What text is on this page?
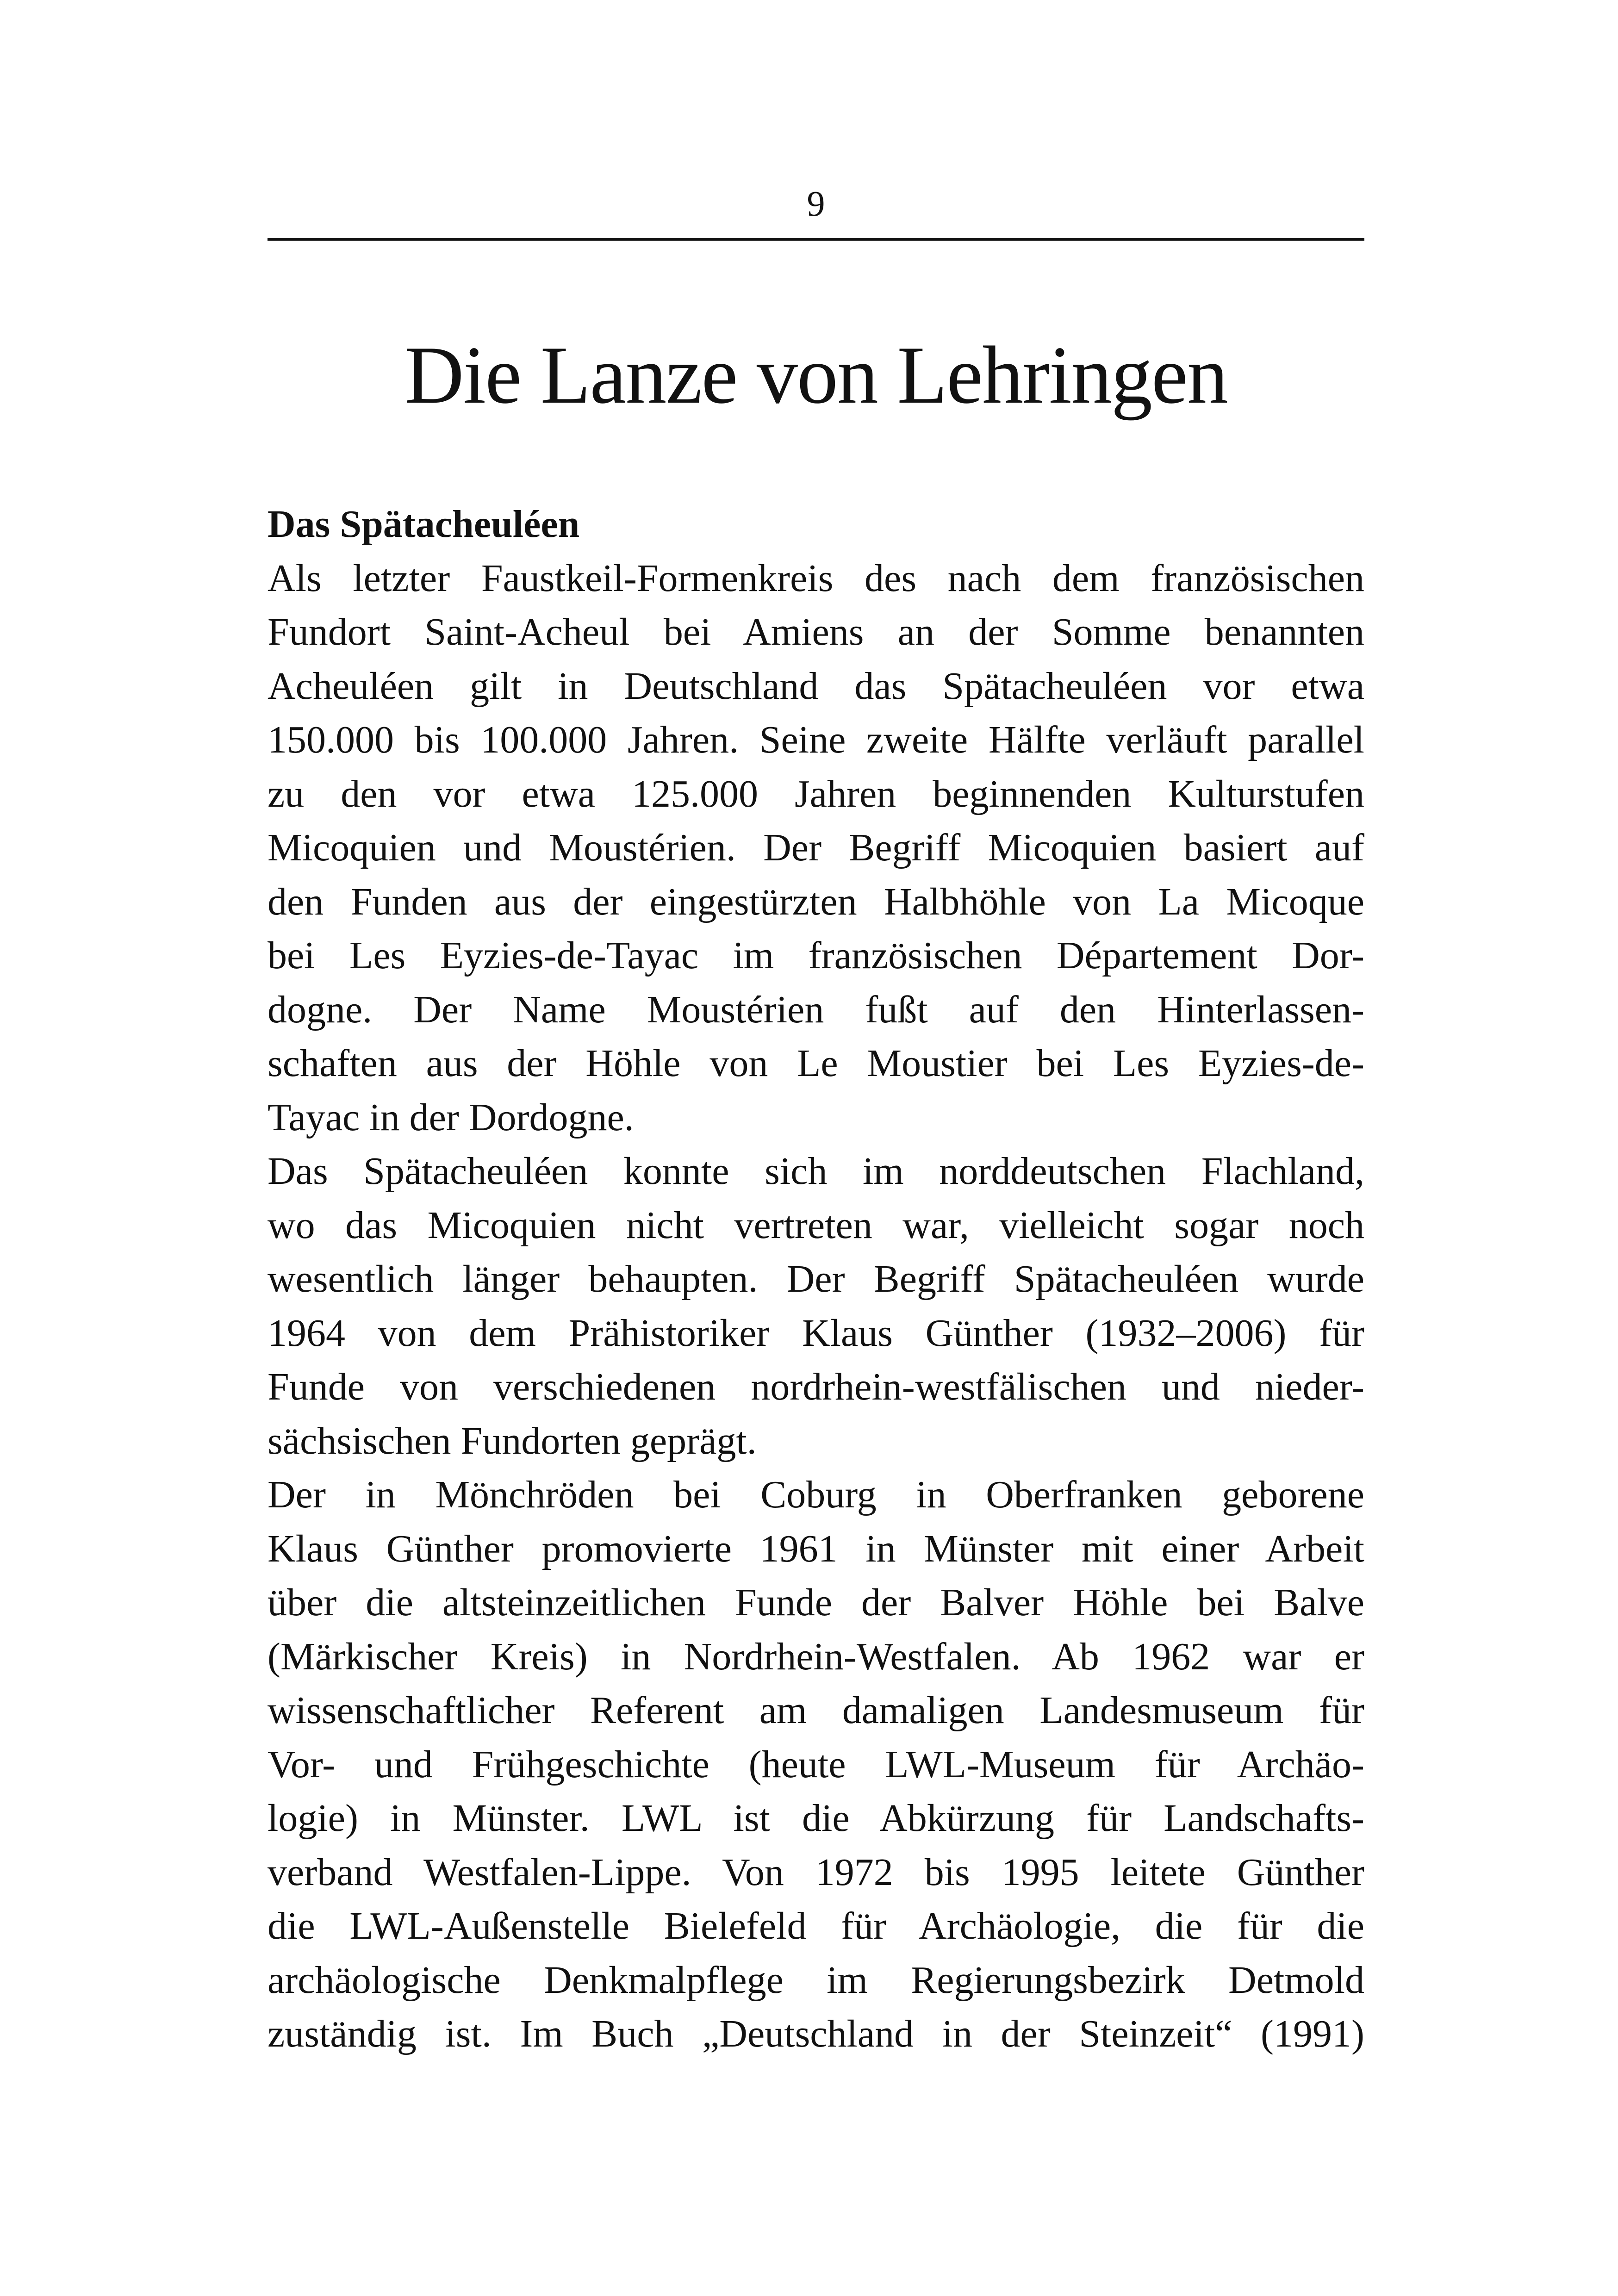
9
Die Lanze von Lehringen
Das Spätacheuléen
Als letzter Faustkeil-Formenkreis des nach dem französischen
Fundort Saint-Acheul bei Amiens an der Somme benannten
Acheuléen gilt in Deutschland das Spätacheuléen vor etwa
150.000 bis 100.000 Jahren. Seine zweite Hälfte verläuft parallel
zu den vor etwa 125.000 Jahren beginnenden Kulturstufen
Micoquien und Moustérien. Der Begriff Micoquien basiert auf
den Funden aus der eingestürzten Halbhöhle von La Micoque
bei Les Eyzies-de-Tayac im französischen Département Dor-
dogne. Der Name Moustérien fußt auf den Hinterlassen-
schaften aus der Höhle von Le Moustier bei Les Eyzies-de-
Tayac in der Dordogne.
Das Spätacheuléen konnte sich im norddeutschen Flachland,
wo das Micoquien nicht vertreten war, vielleicht sogar noch
wesentlich länger behaupten. Der Begriff Spätacheuléen wurde
1964 von dem Prähistoriker Klaus Günther (1932–2006) für
Funde von verschiedenen nordrhein-westfälischen und nieder-
sächsischen Fundorten geprägt.
Der in Mönchröden bei Coburg in Oberfranken geborene
Klaus Günther promovierte 1961 in Münster mit einer Arbeit
über die altsteinzeitlichen Funde der Balver Höhle bei Balve
(Märkischer Kreis) in Nordrhein-Westfalen. Ab 1962 war er
wissenschaftlicher Referent am damaligen Landesmuseum für
Vor- und Frühgeschichte (heute LWL-Museum für Archäo-
logie) in Münster. LWL ist die Abkürzung für Landschafts-
verband Westfalen-Lippe. Von 1972 bis 1995 leitete Günther
die LWL-Außenstelle Bielefeld für Archäologie, die für die
archäologische Denkmalpflege im Regierungsbezirk Detmold
zuständig ist. Im Buch „Deutschland in der Steinzeit“ (1991)
